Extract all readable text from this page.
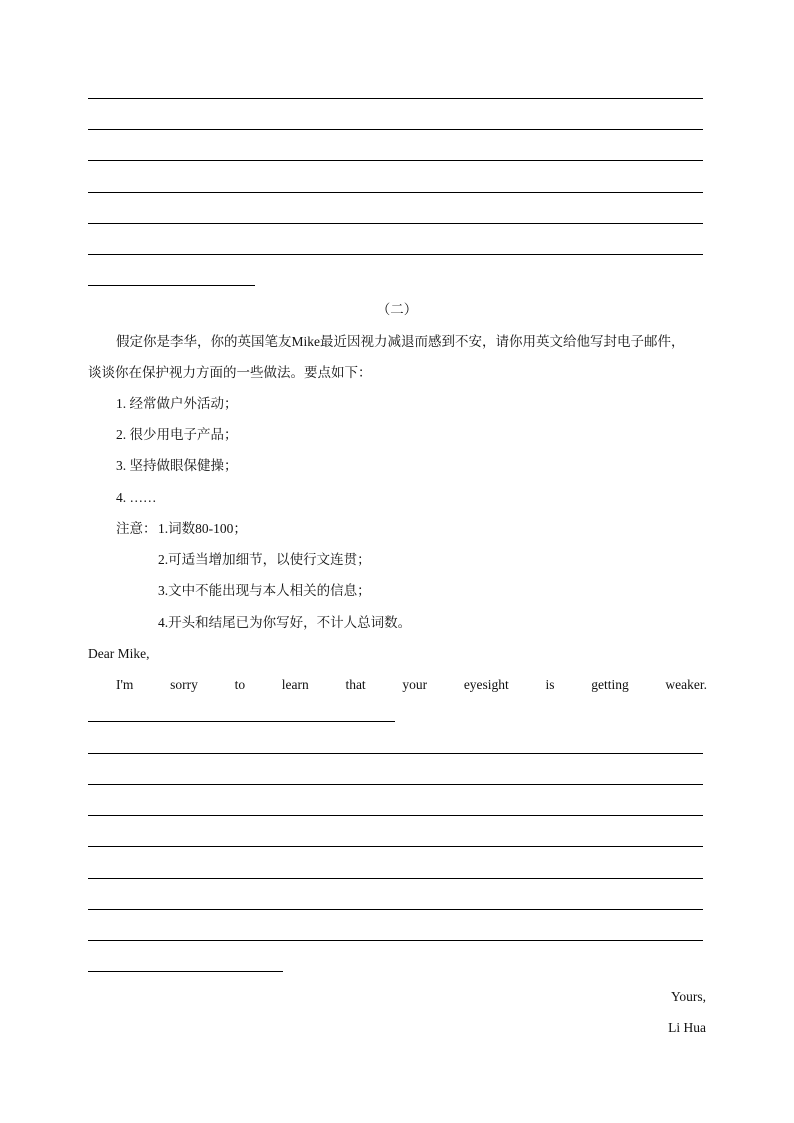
（二）
假定你是李华，你的英国笔友Mike最近因视力减退而感到不安，请你用英文给他写封电子邮件，
谈谈你在保护视力方面的一些做法。要点如下：
1. 经常做户外活动；
2. 很少用电子产品；
3. 坚持做眼保健操；
4. ……
注意： 1.词数80-100；
2.可适当增加细节，以使行文连贯；
3.文中不能出现与本人相关的信息；
4.开头和结尾已为你写好，不计人总词数。
Dear Mike,
I'm	sorry	to	learn	that	your	eyesight	is	getting	weaker.
Yours,
Li Hua
